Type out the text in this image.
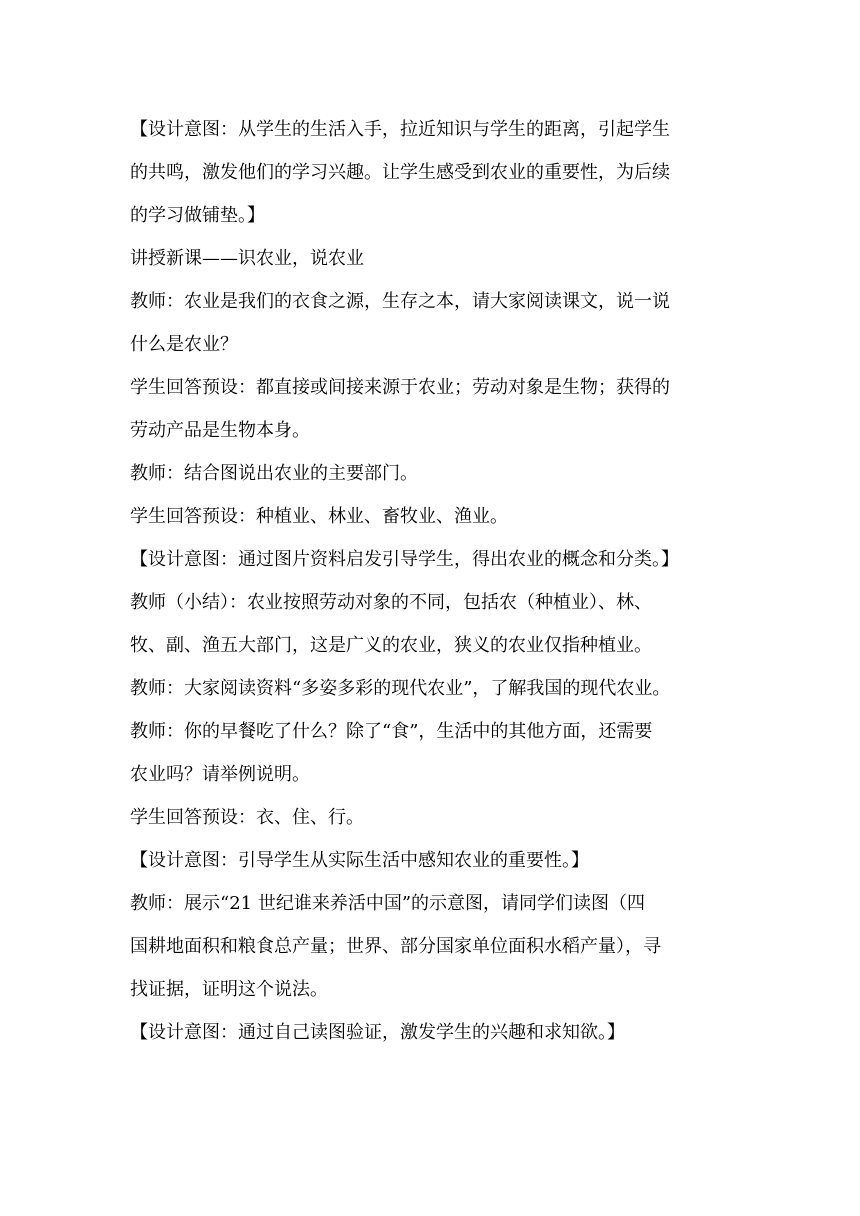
【设计意图：从学生的生活入手，拉近知识与学生的距离，引起学生
的共鸣，激发他们的学习兴趣。让学生感受到农业的重要性，为后续
的学习做铺垫。】

讲授新课——识农业，说农业

教师：农业是我们的衣食之源，生存之本，请大家阅读课文，说一说
什么是农业？

学生回答预设：都直接或间接来源于农业；劳动对象是生物；获得的
劳动产品是生物本身。

教师：结合图说出农业的主要部门。

学生回答预设：种植业、林业、畜牧业、渔业。

【设计意图：通过图片资料启发引导学生，得出农业的概念和分类。】

教师（小结）：农业按照劳动对象的不同，包括农（种植业）、林、
牧、副、渔五大部门，这是广义的农业，狭义的农业仅指种植业。

教师：大家阅读资料“多姿多彩的现代农业”，了解我国的现代农业。

教师：你的早餐吃了什么？除了“食”，生活中的其他方面，还需要
农业吗？请举例说明。

学生回答预设：衣、住、行。

【设计意图：引导学生从实际生活中感知农业的重要性。】

教师：展示“21 世纪谁来养活中国”的示意图，请同学们读图（四
国耕地面积和粮食总产量；世界、部分国家单位面积水稻产量），寻
找证据，证明这个说法。

【设计意图：通过自己读图验证，激发学生的兴趣和求知欲。】
